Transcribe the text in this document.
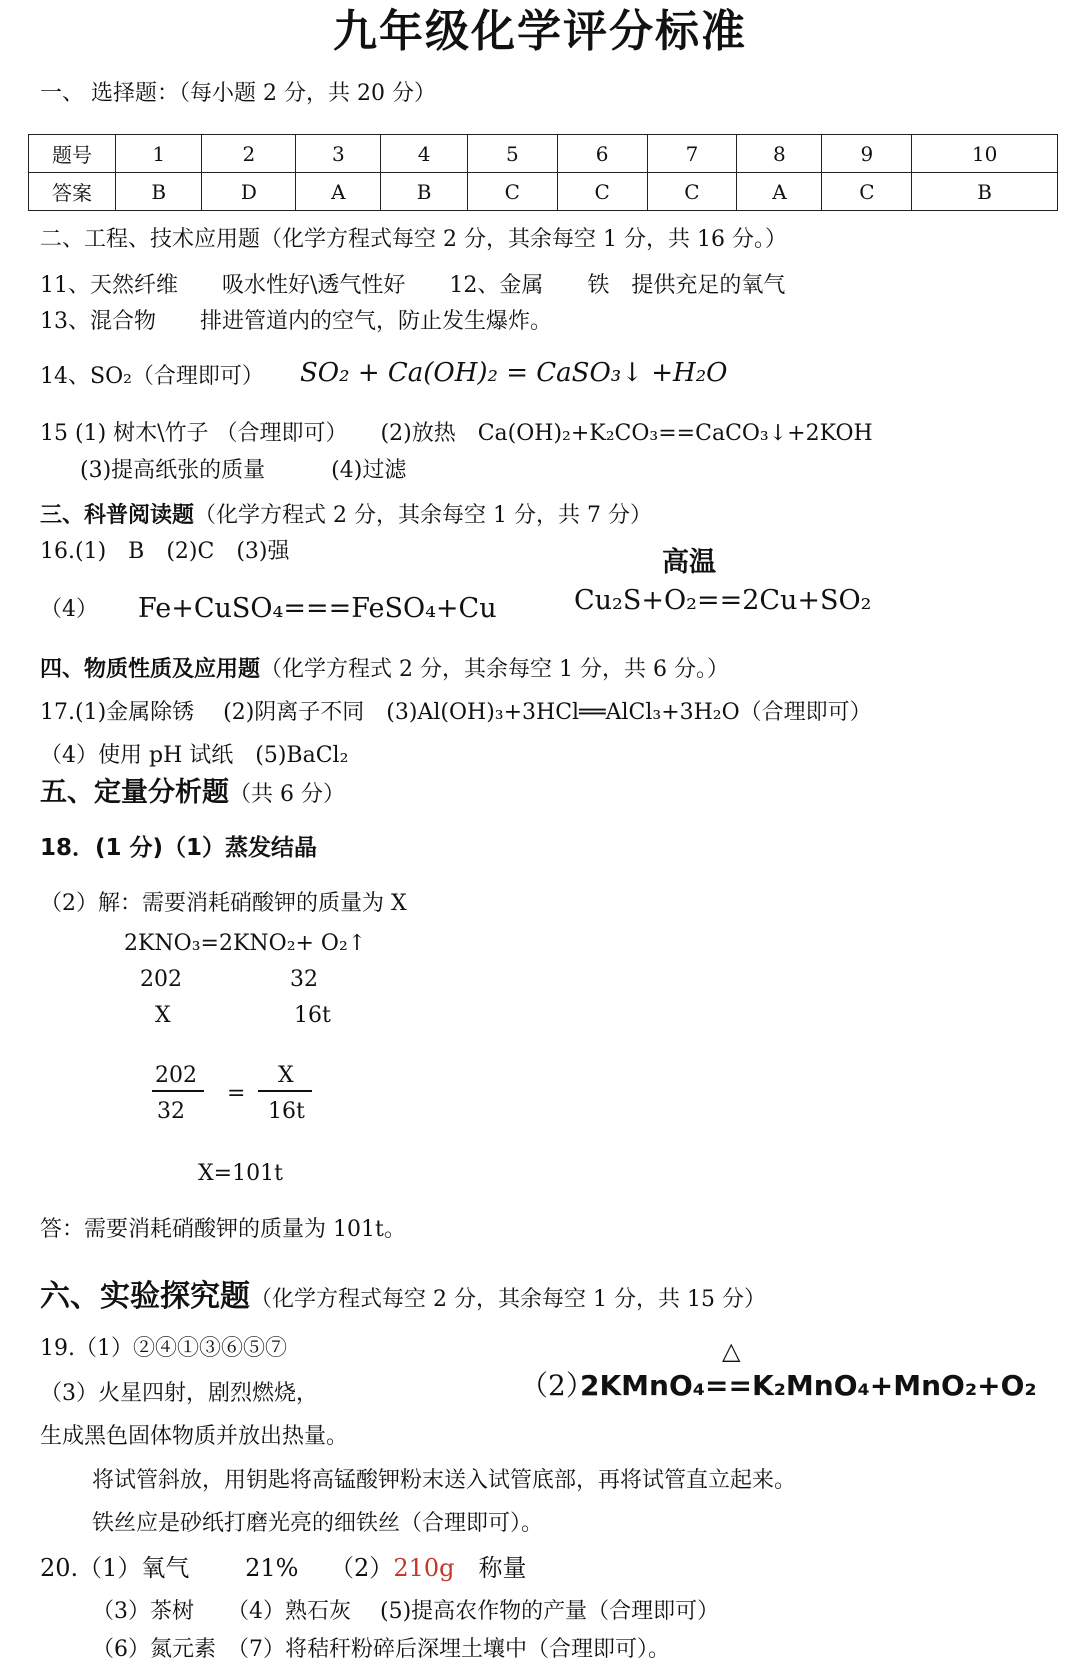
九年级化学评分标准
一、 选择题：（每小题 2 分，共 20 分）
题号	1	2	3	4	5	6	7	8	9	10
答案	B	D	A	B	C	C	C	A	C	B
二、工程、技术应用题（化学方程式每空 2 分，其余每空 1 分，共 16 分。）
11、天然纤维　　吸水性好\透气性好　　12、金属　　铁　提供充足的氧气
13、混合物　　排进管道内的空气，防止发生爆炸。
14、SO₂（合理即可） SO₂ + Ca(OH)₂ = CaSO₃↓ +H₂O
15 (1) 树木\竹子 （合理即可）　　(2)放热　Ca(OH)₂+K₂CO₃==CaCO₃↓+2KOH
(3)提高纸张的质量　　　(4)过滤
三、科普阅读题（化学方程式 2 分，其余每空 1 分，共 7 分）
16.(1)　B　(2)C　(3)强	高温
Cu₂S+O₂==2Cu+SO₂
（4） Fe+CuSO₄===FeSO₄+Cu
四、物质性质及应用题（化学方程式 2 分，其余每空 1 分，共 6 分。）
17.(1)金属除锈　 (2)阴离子不同　(3)Al(OH)₃+3HCl══AlCl₃+3H₂O（合理即可）
（4）使用 pH 试纸　(5)BaCl₂
五、定量分析题（共 6 分）
18．(1 分)（1）蒸发结晶
（2）解：需要消耗硝酸钾的质量为 X
2KNO₃=2KNO₂+ O₂↑
202	32
X	16t
202
32
=
X
16t
X=101t
答：需要消耗硝酸钾的质量为 101t。
六、实验探究题（化学方程式每空 2 分，其余每空 1 分，共 15 分）
19.（1）②④①③⑥⑤⑦
（3）火星四射，剧烈燃烧，
△
（2）
2KMnO₄==K₂MnO₄+MnO₂+O₂
生成黑色固体物质并放出热量。
将试管斜放，用钥匙将高锰酸钾粉末送入试管底部，再将试管直立起来。
铁丝应是砂纸打磨光亮的细铁丝（合理即可）。
20.（1）氧气　　 21%　 （2）210g　称量
（3）茶树　　（4）熟石灰　 (5)提高农作物的产量（合理即可）
（6）氮元素　（7）将秸秆粉碎后深埋土壤中（合理即可）。
